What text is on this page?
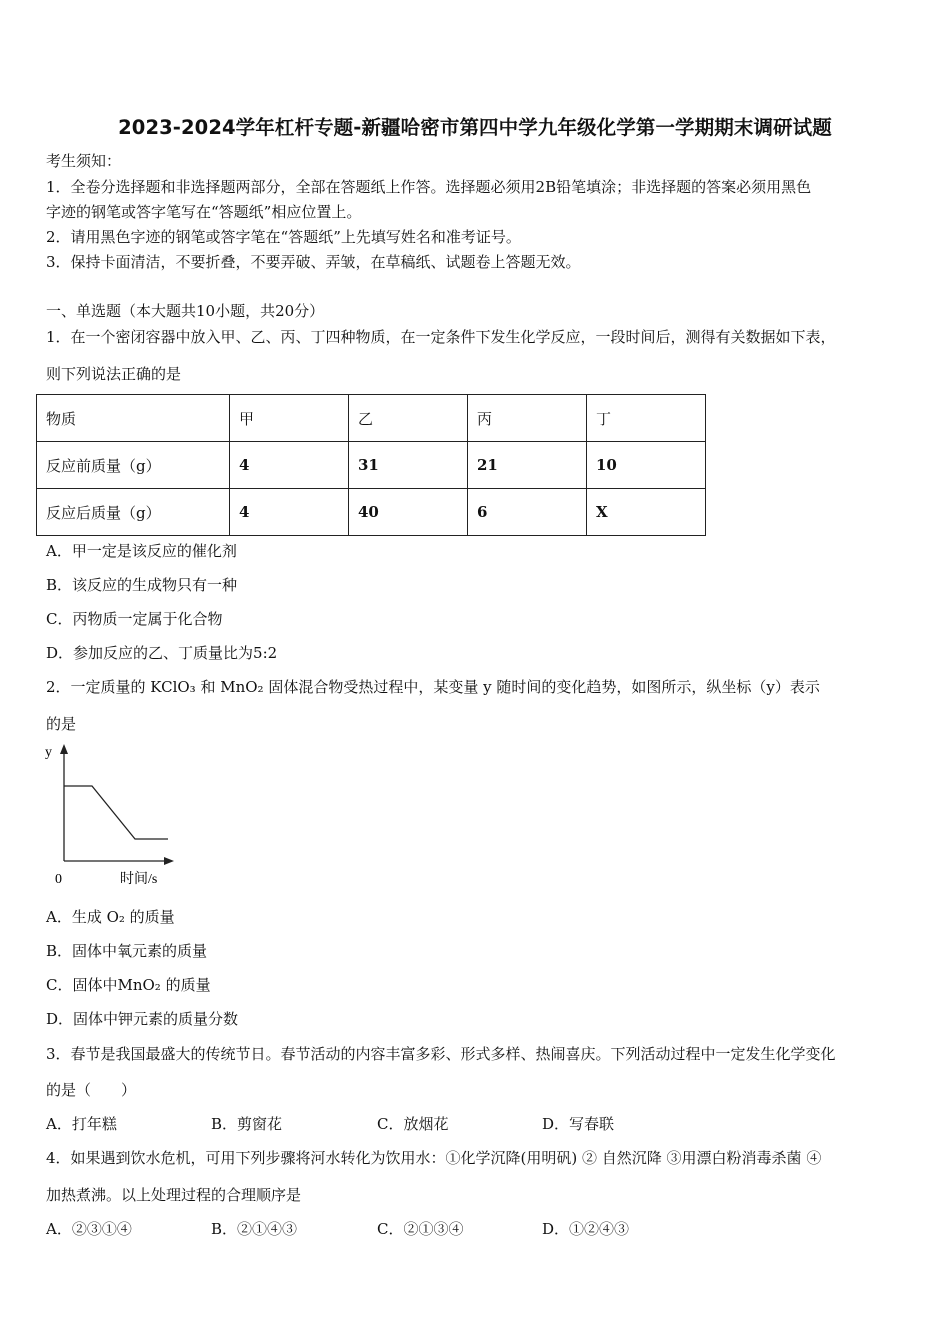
2023-2024学年杠杆专题-新疆哈密市第四中学九年级化学第一学期期末调研试题
考生须知：
1．全卷分选择题和非选择题两部分，全部在答题纸上作答。选择题必须用2B铅笔填涂；非选择题的答案必须用黑色
字迹的钢笔或答字笔写在“答题纸”相应位置上。
2．请用黑色字迹的钢笔或答字笔在“答题纸”上先填写姓名和准考证号。
3．保持卡面清洁，不要折叠，不要弄破、弄皱，在草稿纸、试题卷上答题无效。
一、单选题（本大题共10小题，共20分）
1．在一个密闭容器中放入甲、乙、丙、丁四种物质，在一定条件下发生化学反应，一段时间后，测得有关数据如下表，
则下列说法正确的是
物质	甲	乙	丙	丁
反应前质量（g）	4	31	21	10
反应后质量（g）	4	40	6	X
A．甲一定是该反应的催化剂
B．该反应的生成物只有一种
C．丙物质一定属于化合物
D．参加反应的乙、丁质量比为5:2
2．一定质量的 KClO₃ 和 MnO₂ 固体混合物受热过程中，某变量 y 随时间的变化趋势，如图所示，纵坐标（y）表示
的是
y
0	时间/s
A．生成 O₂ 的质量
B．固体中氧元素的质量
C．固体中MnO₂ 的质量
D．固体中钾元素的质量分数
3．春节是我国最盛大的传统节日。春节活动的内容丰富多彩、形式多样、热闹喜庆。下列活动过程中一定发生化学变化
的是（　　）
A．打年糕	B．剪窗花	C．放烟花	D．写春联
4．如果遇到饮水危机，可用下列步骤将河水转化为饮用水：①化学沉降(用明矾) ② 自然沉降 ③用漂白粉消毒杀菌 ④
加热煮沸。以上处理过程的合理顺序是
A．②③①④	B．②①④③	C．②①③④	D．①②④③
